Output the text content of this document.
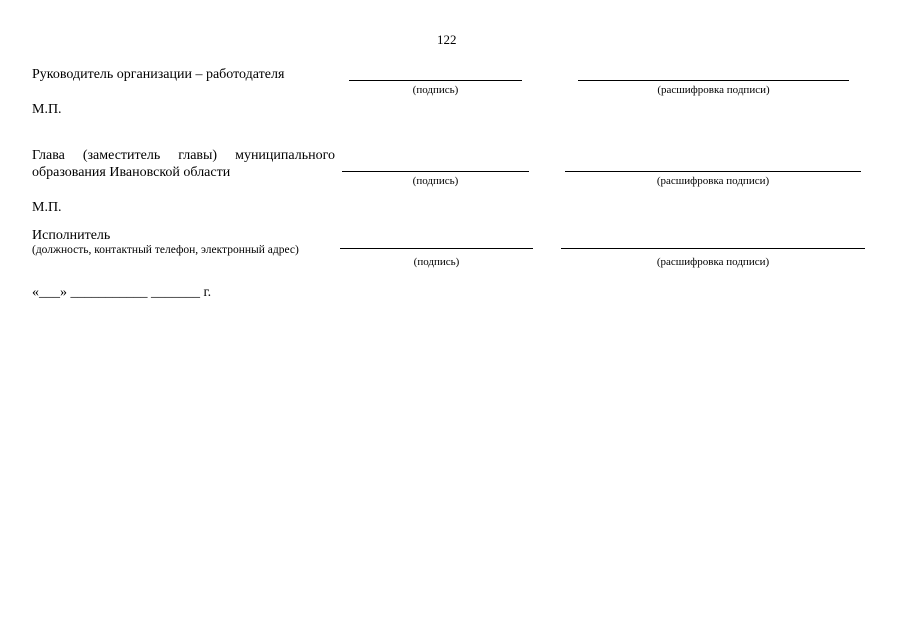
122
Руководитель организации – работодателя
(подпись)	(расшифровка подписи)
М.П.
Глава (заместитель главы) муниципального
образования Ивановской области
(подпись)	(расшифровка подписи)
М.П.
Исполнитель
(должность, контактный телефон, электронный адрес)
(подпись)	(расшифровка подписи)
«___» ___________ _______ г.
